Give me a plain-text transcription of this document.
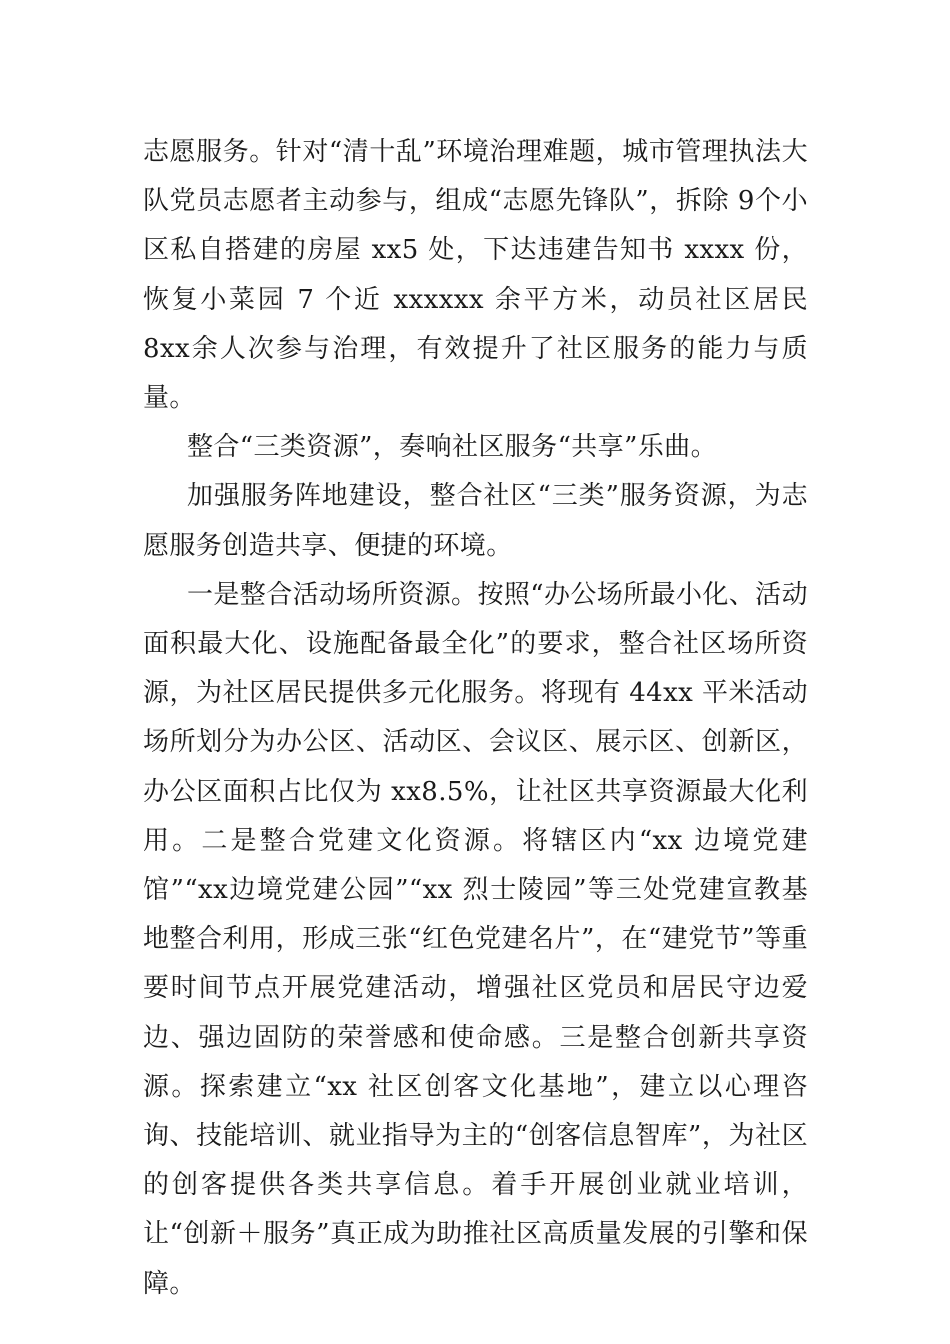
志愿服务。针对“清十乱”环境治理难题，城市管理执法大队党员志愿者主动参与，组成“志愿先锋队”，拆除 9个小区私自搭建的房屋 xx5 处，下达违建告知书 xxxx 份，恢复小菜园 7 个近 xxxxxx 余平方米，动员社区居民 8xx余人次参与治理，有效提升了社区服务的能力与质量。

整合“三类资源”，奏响社区服务“共享”乐曲。

加强服务阵地建设，整合社区“三类”服务资源，为志愿服务创造共享、便捷的环境。

一是整合活动场所资源。按照“办公场所最小化、活动面积最大化、设施配备最全化”的要求，整合社区场所资源，为社区居民提供多元化服务。将现有 44xx 平米活动场所划分为办公区、活动区、会议区、展示区、创新区，办公区面积占比仅为 xx8.5%，让社区共享资源最大化利用。二是整合党建文化资源。将辖区内“xx 边境党建馆”“xx边境党建公园”“xx 烈士陵园”等三处党建宣教基地整合利用，形成三张“红色党建名片”，在“建党节”等重要时间节点开展党建活动，增强社区党员和居民守边爱边、强边固防的荣誉感和使命感。三是整合创新共享资源。探索建立“xx 社区创客文化基地”，建立以心理咨询、技能培训、就业指导为主的“创客信息智库”，为社区的创客提供各类共享信息。着手开展创业就业培训，让“创新＋服务”真正成为助推社区高质量发展的引擎和保障。
